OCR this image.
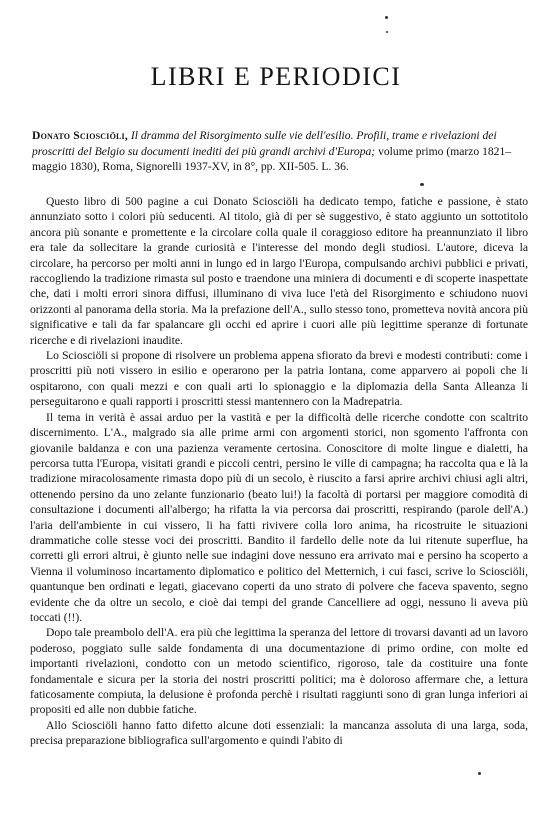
LIBRI E PERIODICI

Donato Sciosciöli, Il dramma del Risorgimento sulle vie dell'esilio. Profili, trame e rivelazioni dei proscritti del Belgio su documenti inediti dei più grandi archivi d'Europa; volume primo (marzo 1821–maggio 1830), Roma, Signorelli 1937-XV, in 8°, pp. XII-505. L. 36.

Questo libro di 500 pagine a cui Donato Sciosciöli ha dedicato tempo, fatiche e passione, è stato annunziato sotto i colori più seducenti. Al titolo, già di per sè suggestivo, è stato aggiunto un sottotitolo ancora più sonante e promettente e la circolare colla quale il coraggioso editore ha preannunziato il libro era tale da sollecitare la grande curiosità e l'interesse del mondo degli studiosi. L'autore, diceva la circolare, ha percorso per molti anni in lungo ed in largo l'Europa, compulsando archivi pubblici e privati, raccogliendo la tradizione rimasta sul posto e traendone una miniera di documenti e di scoperte inaspettate che, dati i molti errori sinora diffusi, illuminano di viva luce l'età del Risorgimento e schiudono nuovi orizzonti al panorama della storia. Ma la prefazione dell'A., sullo stesso tono, prometteva novità ancora più significative e tali da far spalancare gli occhi ed aprire i cuori alle più legittime speranze di fortunate ricerche e di rivelazioni inaudite.

Lo Sciosciöli si propone di risolvere un problema appena sfiorato da brevi e modesti contributi: come i proscritti più noti vissero in esilio e operarono per la patria lontana, come apparvero ai popoli che li ospitarono, con quali mezzi e con quali arti lo spionaggio e la diplomazia della Santa Alleanza li perseguitarono e quali rapporti i proscritti stessi mantennero con la Madrepatria.

Il tema in verità è assai arduo per la vastità e per la difficoltà delle ricerche condotte con scaltrito discernimento. L'A., malgrado sia alle prime armi con argomenti storici, non sgomento l'affronta con giovanile baldanza e con una pazienza veramente certosina. Conoscitore di molte lingue e dialetti, ha percorsa tutta l'Europa, visitati grandi e piccoli centri, persino le ville di campagna; ha raccolta qua e là la tradizione miracolosamente rimasta dopo più di un secolo, è riuscito a farsi aprire archivi chiusi agli altri, ottenendo persino da uno zelante funzionario (beato lui!) la facoltà di portarsi per maggiore comodità di consultazione i documenti all'albergo; ha rifatta la via percorsa dai proscritti, respirando (parole dell'A.) l'aria dell'ambiente in cui vissero, li ha fatti rivivere colla loro anima, ha ricostruite le situazioni drammatiche colle stesse voci dei proscritti. Bandito il fardello delle note da lui ritenute superflue, ha corretti gli errori altrui, è giunto nelle sue indagini dove nessuno era arrivato mai e persino ha scoperto a Vienna il voluminoso incartamento diplomatico e politico del Metternich, i cui fasci, scrive lo Sciosciöli, quantunque ben ordinati e legati, giacevano coperti da uno strato di polvere che faceva spavento, segno evidente che da oltre un secolo, e cioè dai tempi del grande Cancelliere ad oggi, nessuno li aveva più toccati (!!).

Dopo tale preambolo dell'A. era più che legittima la speranza del lettore di trovarsi davanti ad un lavoro poderoso, poggiato sulle salde fondamenta di una documentazione di primo ordine, con molte ed importanti rivelazioni, condotto con un metodo scientifico, rigoroso, tale da costituire una fonte fondamentale e sicura per la storia dei nostri proscritti politici; ma è doloroso affermare che, a lettura faticosamente compiuta, la delusione è profonda perchè i risultati raggiunti sono di gran lunga inferiori ai propositi ed alle non dubbie fatiche.

Allo Sciosciöli hanno fatto difetto alcune doti essenziali: la mancanza assoluta di una larga, soda, precisa preparazione bibliografica sull'argomento e quindi l'abito di
